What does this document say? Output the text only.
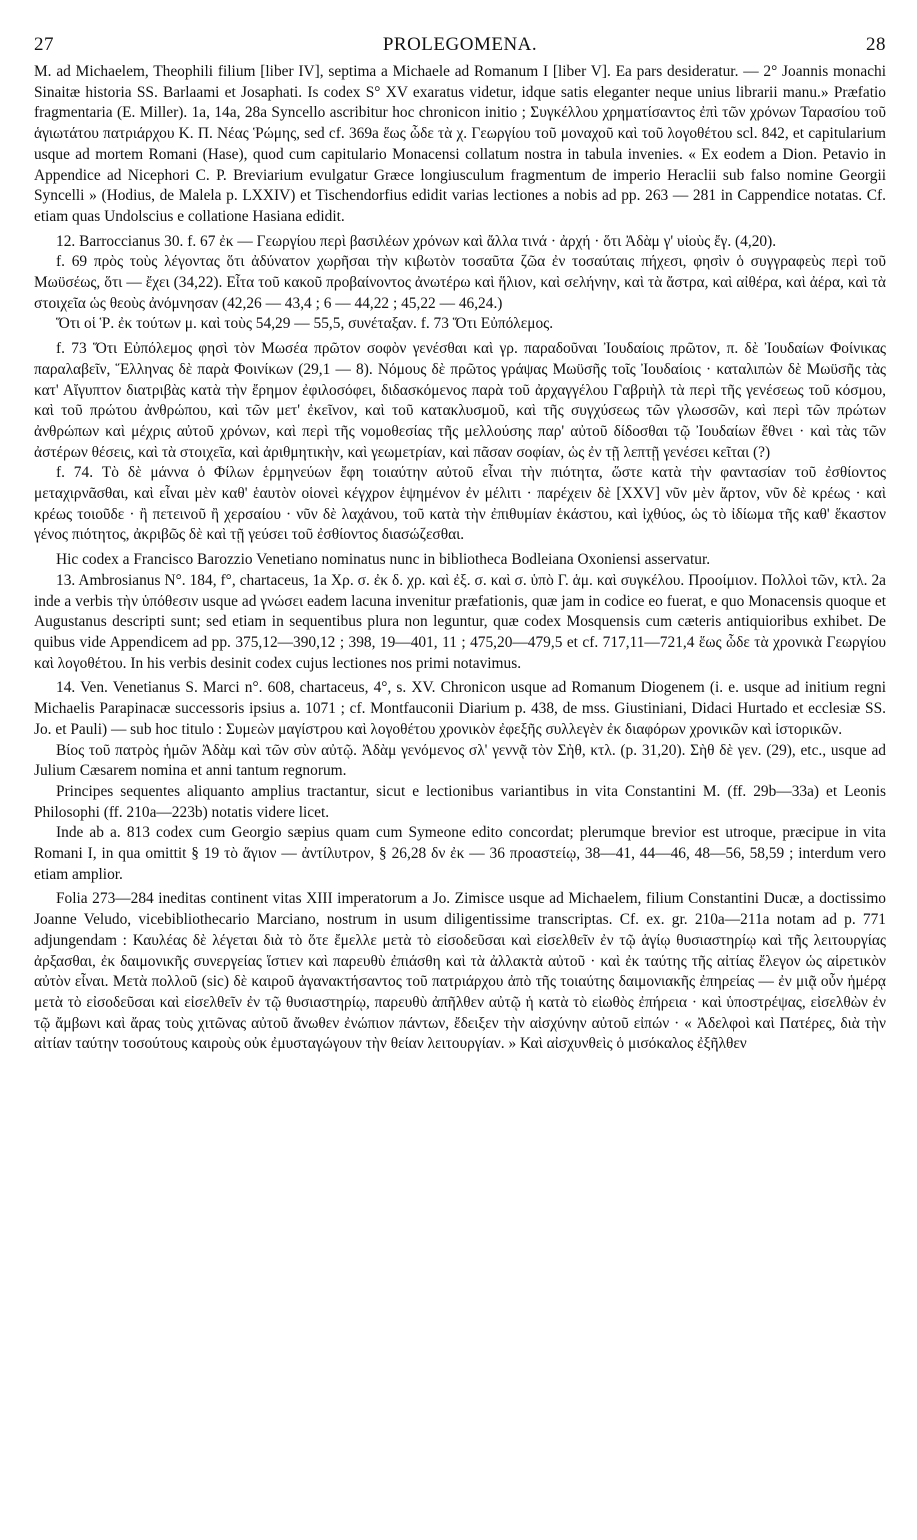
27	PROLEGOMENA.	28

M. ad Michaelem, Theophili filium [liber IV], septima a Michaele ad Romanum I [liber V]. Ea pars desideratur. — 2° Joannis monachi Sinaitæ historia SS. Barlaami et Josaphati. Is codex S° XV exaratus videtur, idque satis eleganter neque unius librarii manu.» Præfatio fragmentaria (E. Miller). 1a, 14a, 28a Syncello ascribitur hoc chronicon initio ; Συγκέλλου χρηματίσαντος ἐπὶ τῶν χρόνων Ταρασίου τοῦ ἁγιωτάτου πατριάρχου Κ. Π. Νέας Ῥώμης, sed cf. 369a ἕως ὧδε τὰ χ. Γεωργίου τοῦ μοναχοῦ καὶ τοῦ λογοθέτου scl. 842, et capitularium usque ad mortem Romani (Hase), quod cum capitulario Monacensi collatum nostra in tabula invenies. « Ex eodem a Dion. Petavio in Appendice ad Nicephori C. P. Breviarium evulgatur Græce longiusculum fragmentum de imperio Heraclii sub falso nomine Georgii Syncelli » (Hodius, de Malela p. LXXIV) et Tischendorfius edidit varias lectiones a nobis ad pp. 263 — 281 in Cappendice notatas. Cf. etiam quas Undolscius e collatione Hasiana edidit.

12. Barroccianus 30. f. 67 ἐκ — Γεωργίου περὶ βασιλέων χρόνων καὶ ἄλλα τινά · ἀρχή · ὅτι Ἀδὰμ γ' υἱοὺς ἔγ. (4,20).

f. 69 πρὸς τοὺς λέγοντας ὅτι ἀδύνατον χωρῆσαι τὴν κιβωτὸν τοσαῦτα ζῶα ἐν τοσαύταις πήχεσι, φησὶν ὁ συγγραφεὺς περὶ τοῦ Μωϋσέως, ὅτι — ἔχει (34,22). Εἶτα τοῦ κακοῦ προβαίνοντος ἀνωτέρω καὶ ἥλιον, καὶ σελήνην, καὶ τὰ ἄστρα, καὶ αἰθέρα, καὶ ἀέρα, καὶ τὰ στοιχεῖα ὡς θεοὺς ἀνόμνησαν (42,26 — 43,4 ; 6 — 44,22 ; 45,22 — 46,24.)

Ὅτι οἱ Ῥ. ἐκ τούτων μ. καὶ τοὺς 54,29 — 55,5, συνέταξαν. f. 73 Ὅτι Εὐπόλεμος.

f. 73 Ὅτι Εὐπόλεμος φησὶ τὸν Μωσέα πρῶτον σοφὸν γενέσθαι καὶ γρ. παραδοῦναι Ἰουδαίοις πρῶτον, π. δὲ Ἰουδαίων Φοίνικας παραλαβεῖν, Ἕλληνας δὲ παρὰ Φοινίκων (29,1 — 8). Νόμους δὲ πρῶτος γράψας Μωϋσῆς τοῖς Ἰουδαίοις · καταλιπὼν δὲ Μωϋσῆς τὰς κατ' Αἴγυπτον διατριβὰς κατὰ τὴν ἔρημον ἐφιλοσόφει, διδασκόμενος παρὰ τοῦ ἀρχαγγέλου Γαβριὴλ τὰ περὶ τῆς γενέσεως τοῦ κόσμου, καὶ τοῦ πρώτου ἀνθρώπου, καὶ τῶν μετ' ἐκεῖνον, καὶ τοῦ κατακλυσμοῦ, καὶ τῆς συγχύσεως τῶν γλωσσῶν, καὶ περὶ τῶν πρώτων ἀνθρώπων καὶ μέχρις αὐτοῦ χρόνων, καὶ περὶ τῆς νομοθεσίας τῆς μελλούσης παρ' αὐτοῦ δίδοσθαι τῷ Ἰουδαίων ἔθνει · καὶ τὰς τῶν ἀστέρων θέσεις, καὶ τὰ στοιχεῖα, καὶ ἀριθμητικὴν, καὶ γεωμετρίαν, καὶ πᾶσαν σοφίαν, ὡς ἐν τῇ λεπτῇ γενέσει κεῖται (?)

f. 74. Τὸ δὲ μάννα ὁ Φίλων ἑρμηνεύων ἔφη τοιαύτην αὐτοῦ εἶναι τὴν πιότητα, ὥστε κατὰ τὴν φαντασίαν τοῦ ἐσθίοντος μεταχιρνᾶσθαι, καὶ εἶναι μὲν καθ' ἑαυτὸν οἱονεὶ κέγχρον ἑψημένον ἐν μέλιτι · παρέχειν δὲ [XXV] νῦν μὲν ἄρτον, νῦν δὲ κρέως · καὶ κρέως τοιοῦδε · ἢ πετεινοῦ ἢ χερσαίου · νῦν δὲ λαχάνου, τοῦ κατὰ τὴν ἐπιθυμίαν ἑκάστου, καὶ ἰχθύος, ὡς τὸ ἰδίωμα τῆς καθ' ἕκαστον γένος πιότητος, ἀκριβῶς δὲ καὶ τῇ γεύσει τοῦ ἐσθίοντος διασώζεσθαι.

Hic codex a Francisco Barozzio Venetiano nominatus nunc in bibliotheca Bodleiana Oxoniensi asservatur.

13. Ambrosianus N°. 184, f°, chartaceus, 1a Χρ. σ. ἐκ δ. χρ. καὶ ἐξ. σ. καὶ σ. ὑπὸ Γ. ἁμ. καὶ συγκέλου. Προοίμιον. Πολλοὶ τῶν, κτλ. 2a inde a verbis τὴν ὑπόθεσιν usque ad γνώσει eadem lacuna invenitur præfationis, quæ jam in codice eo fuerat, e quo Monacensis quoque et Augustanus descripti sunt; sed etiam in sequentibus plura non leguntur, quæ codex Mosquensis cum cæteris antiquioribus exhibet. De quibus vide Appendicem ad pp. 375,12—390,12 ; 398, 19—401, 11 ; 475,20—479,5 et cf. 717,11—721,4 ἕως ὧδε τὰ χρονικὰ Γεωργίου καὶ λογοθέτου. In his verbis desinit codex cujus lectiones nos primi notavimus.

14. Ven. Venetianus S. Marci n°. 608, chartaceus, 4°, s. XV. Chronicon usque ad Romanum Diogenem (i. e. usque ad initium regni Michaelis Parapinacæ successoris ipsius a. 1071 ; cf. Montfauconii Diarium p. 438, de mss. Giustiniani, Didaci Hurtado et ecclesiæ SS. Jo. et Pauli) — sub hoc titulo : Συμεὼν μαγίστρου καὶ λογοθέτου χρονικὸν ἐφεξῆς συλλεγὲν ἐκ διαφόρων χρονικῶν καὶ ἱστορικῶν.

Βίος τοῦ πατρὸς ἡμῶν Ἀδὰμ καὶ τῶν σὺν αὐτῷ. Ἀδὰμ γενόμενος σλ' γεννᾷ τὸν Σὴθ, κτλ. (p. 31,20). Σὴθ δὲ γεν. (29), etc., usque ad Julium Cæsarem nomina et anni tantum regnorum.

Principes sequentes aliquanto amplius tractantur, sicut e lectionibus variantibus in vita Constantini M. (ff. 29b—33a) et Leonis Philosophi (ff. 210a—223b) notatis videre licet.

Inde ab a. 813 codex cum Georgio sæpius quam cum Symeone edito concordat; plerumque brevior est utroque, præcipue in vita Romani I, in qua omittit § 19 τὸ ἅγιον — ἀντίλυτρον, § 26,28 δν ἐκ — 36 προαστείῳ, 38—41, 44—46, 48—56, 58,59 ; interdum vero etiam amplior.

Folia 273—284 ineditas continent vitas XIII imperatorum a Jo. Zimisce usque ad Michaelem, filium Constantini Ducæ, a doctissimo Joanne Veludo, vicebibliothecario Marciano, nostrum in usum diligentissime transcriptas. Cf. ex. gr. 210a—211a notam ad p. 771 adjungendam : Καυλέας δὲ λέγεται διὰ τὸ ὅτε ἔμελλε μετὰ τὸ εἰσοδεῦσαι καὶ εἰσελθεῖν ἐν τῷ ἁγίῳ θυσιαστηρίῳ καὶ τῆς λειτουργίας ἀρξασθαι, ἐκ δαιμονικῆς συνεργείας ἵστιεν καὶ παρευθὺ ἐπιάσθη καὶ τὰ ἀλλακτὰ αὐτοῦ · καὶ ἐκ ταύτης τῆς αἰτίας ἔλεγον ὡς αἱρετικὸν αὐτὸν εἶναι. Μετὰ πολλοῦ (sic) δὲ καιροῦ ἀγανακτήσαντος τοῦ πατριάρχου ἀπὸ τῆς τοιαύτης δαιμονιακῆς ἐπηρείας — ἐν μιᾷ οὖν ἡμέρᾳ μετὰ τὸ εἰσοδεῦσαι καὶ εἰσελθεῖν ἐν τῷ θυσιαστηρίῳ, παρευθὺ ἀπῆλθεν αὐτῷ ἡ κατὰ τὸ εἰωθὸς ἐπήρεια · καὶ ὑποστρέψας, εἰσελθὼν ἐν τῷ ἄμβωνι καὶ ἄρας τοὺς χιτῶνας αὐτοῦ ἄνωθεν ἐνώπιον πάντων, ἔδειξεν τὴν αἰσχύνην αὐτοῦ εἰπών · « Ἀδελφοὶ καὶ Πατέρες, διὰ τὴν αἰτίαν ταύτην τοσούτους καιροὺς οὐκ ἐμυσταγώγουν τὴν θείαν λειτουργίαν. » Καὶ αἰσχυνθεὶς ὁ μισόκαλος ἐξῆλθεν
